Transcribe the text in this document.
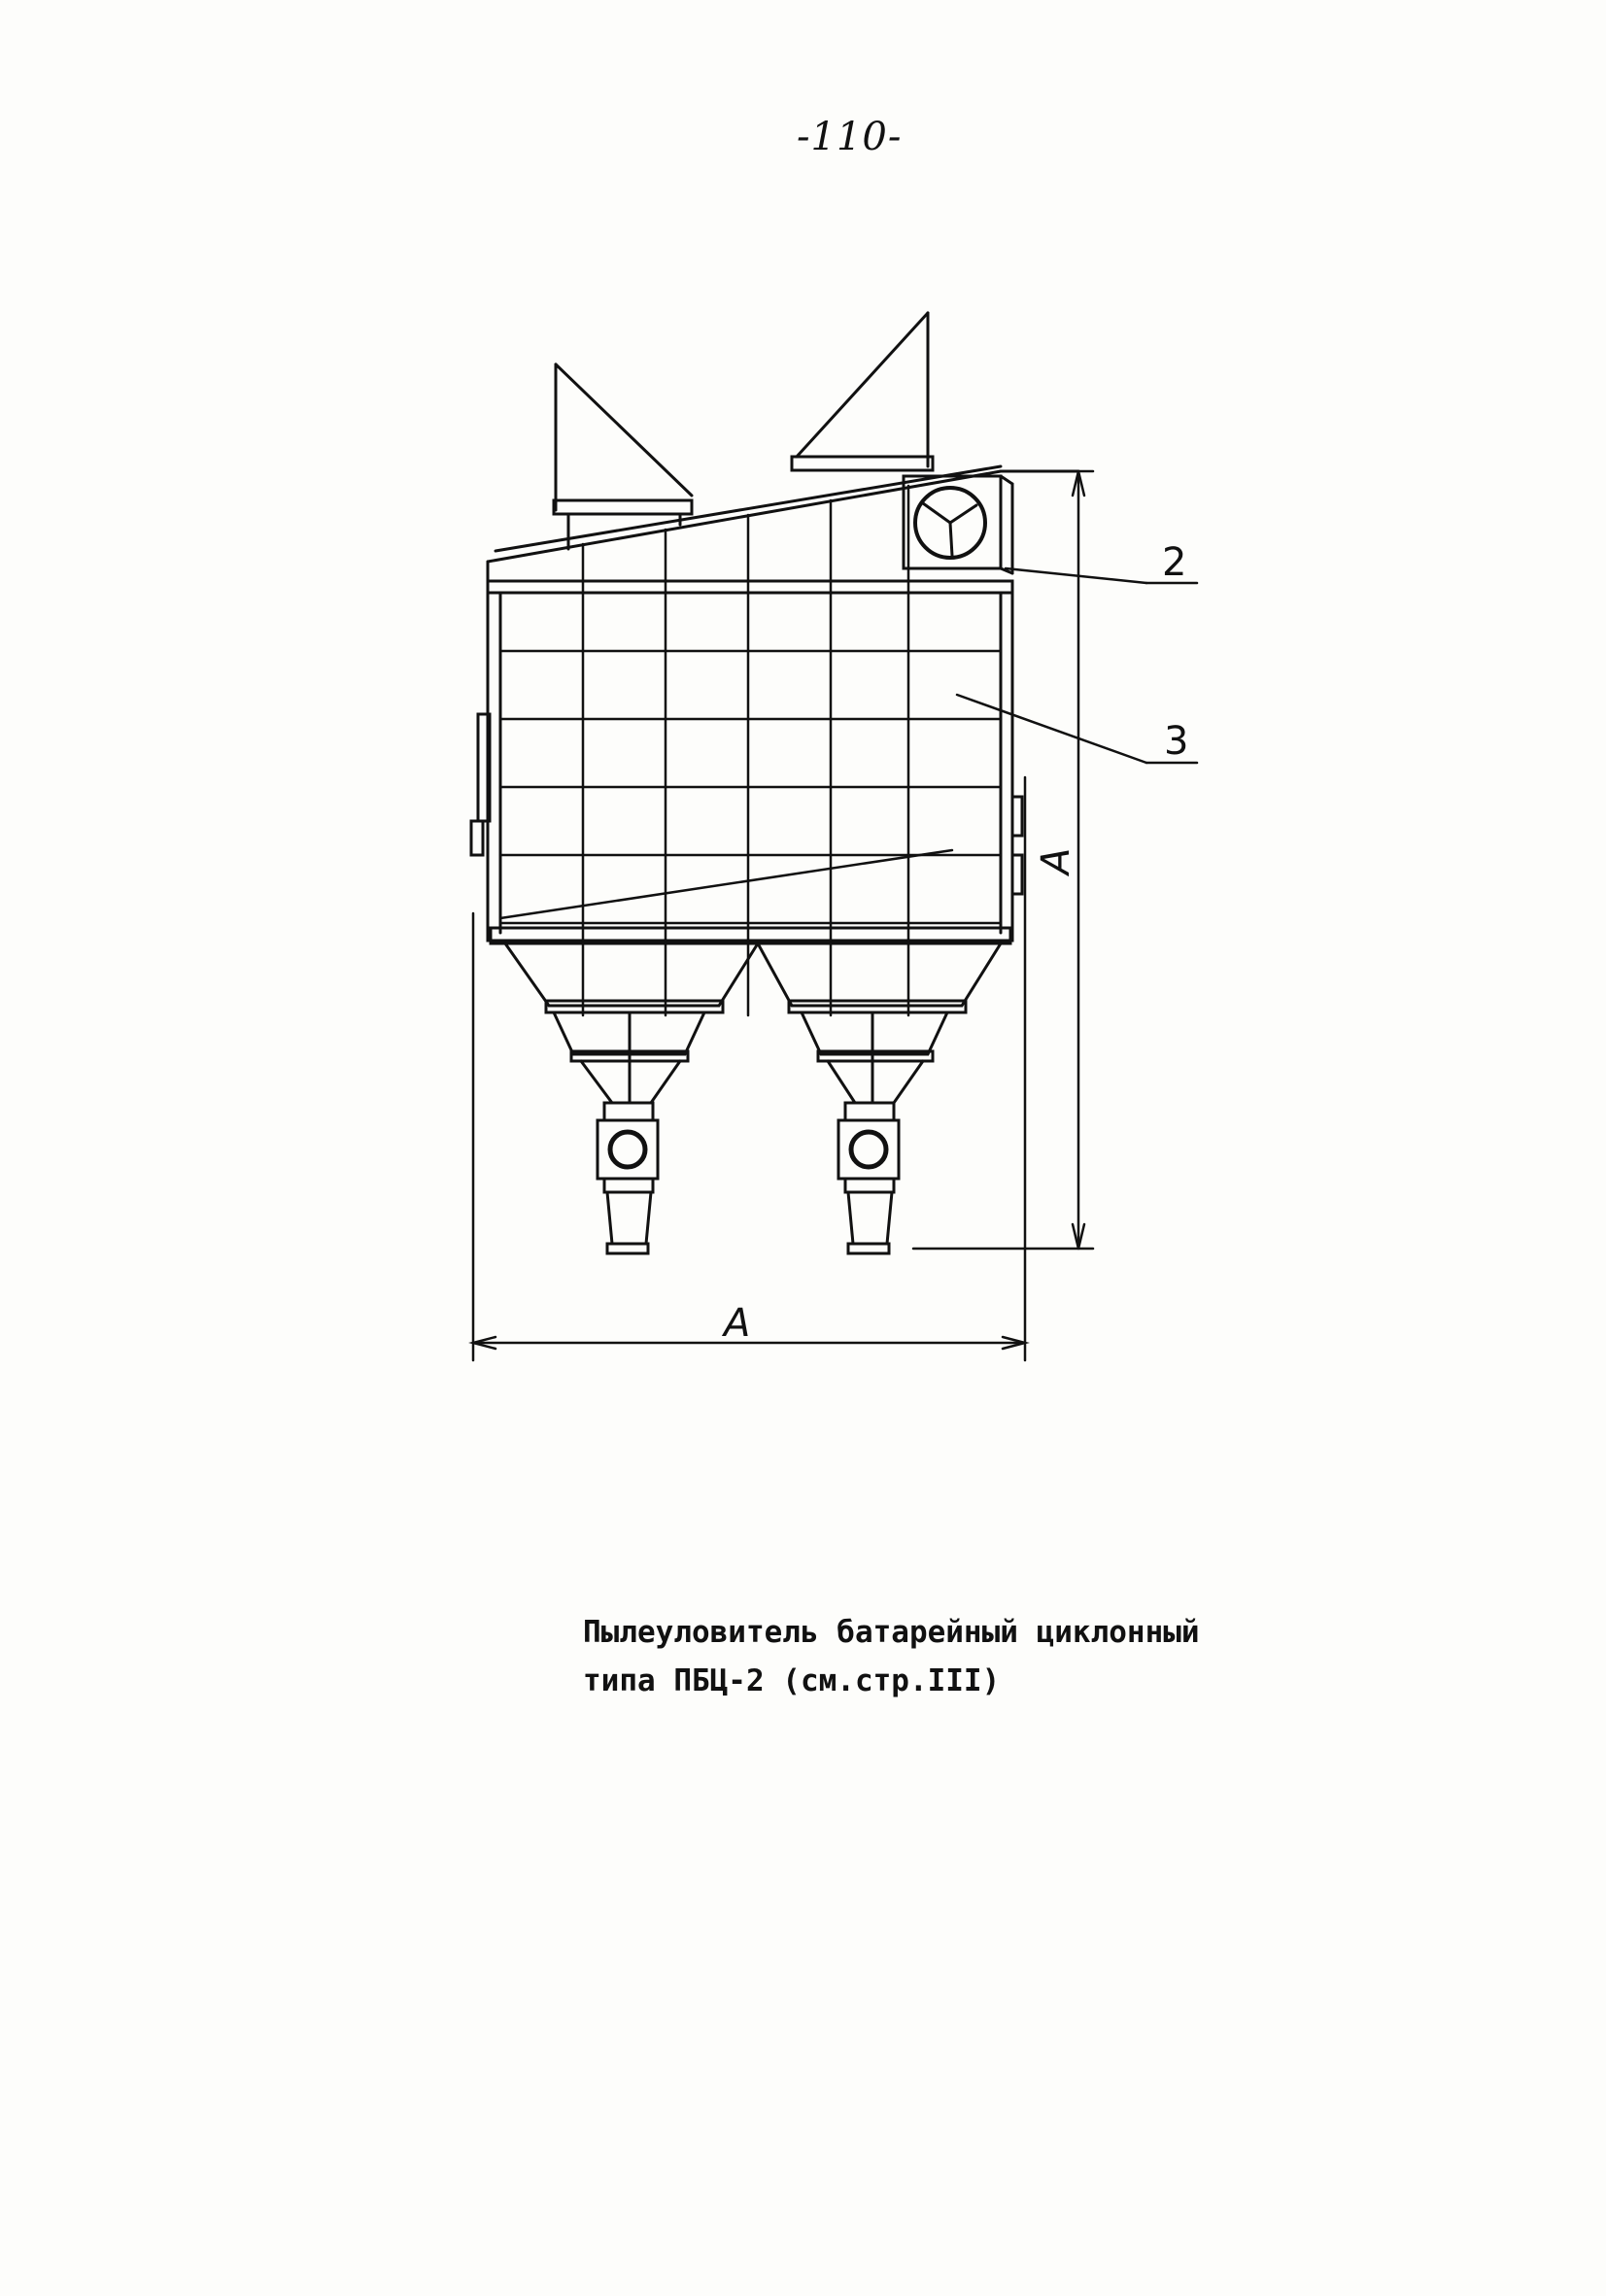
-110-
2
3
A
A
Пылеуловитель батарейный циклонный
типа ПБЦ-2 (см.стр.III)
